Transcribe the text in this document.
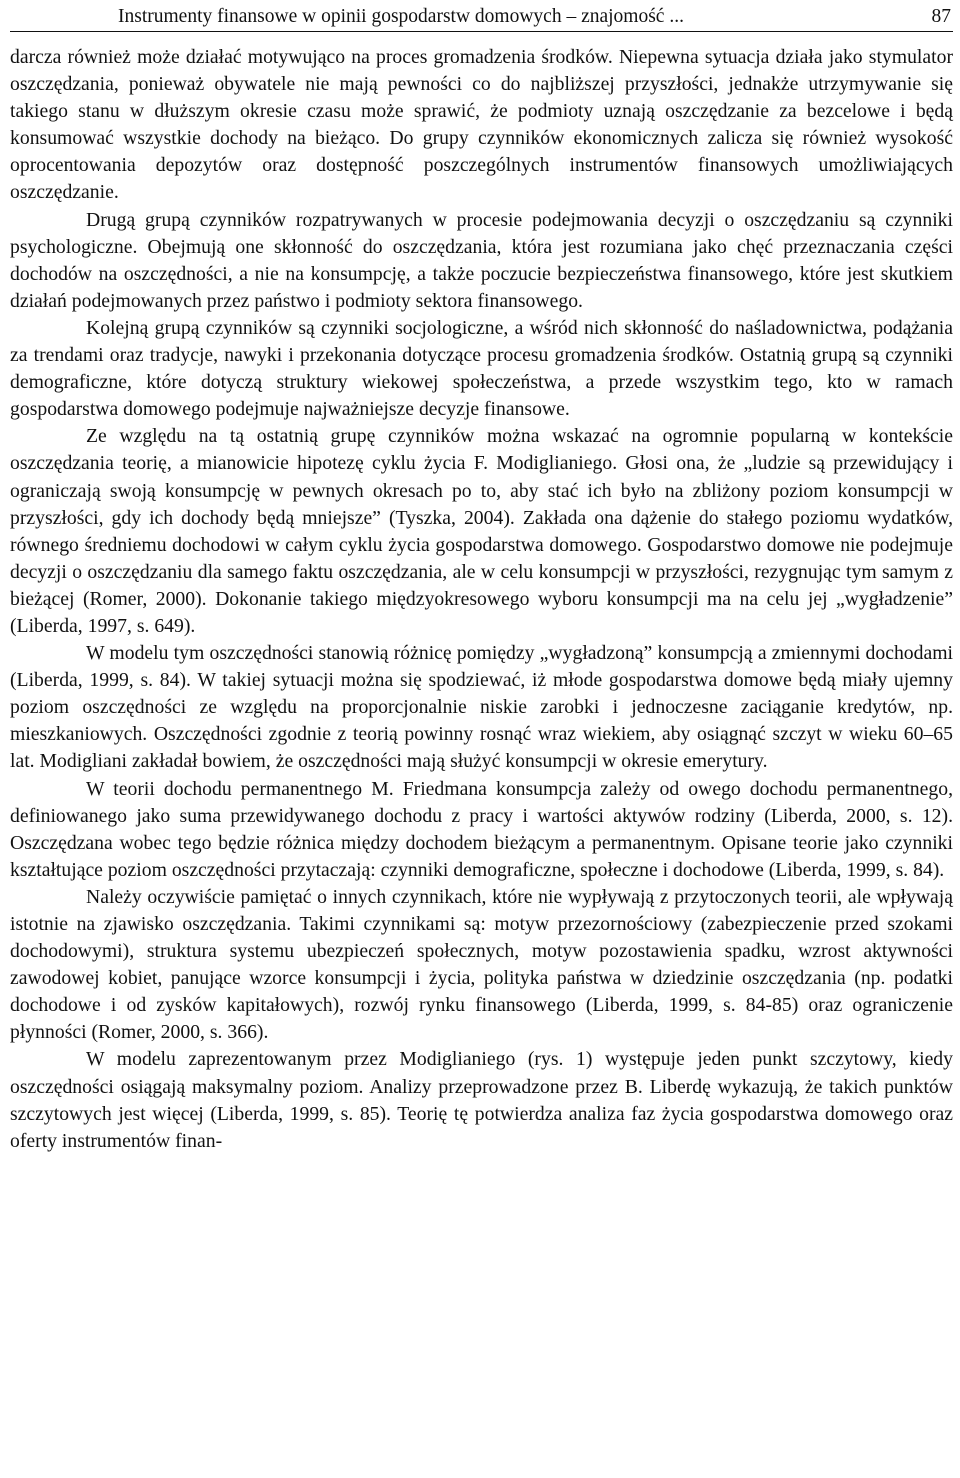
Instrumenty finansowe w opinii gospodarstw domowych – znajomość ...	87

darcza również może działać motywująco na proces gromadzenia środków. Niepewna sytuacja działa jako stymulator oszczędzania, ponieważ obywatele nie mają pewności co do najbliższej przyszłości, jednakże utrzymywanie się takiego stanu w dłuższym okresie czasu może sprawić, że podmioty uznają oszczędzanie za bezcelowe i będą konsumować wszystkie dochody na bieżąco. Do grupy czynników ekonomicznych zalicza się również wysokość oprocentowania depozytów oraz dostępność poszczególnych instrumentów finansowych umożliwiających oszczędzanie.

Drugą grupą czynników rozpatrywanych w procesie podejmowania decyzji o oszczędzaniu są czynniki psychologiczne. Obejmują one skłonność do oszczędzania, która jest rozumiana jako chęć przeznaczania części dochodów na oszczędności, a nie na konsumpcję, a także poczucie bezpieczeństwa finansowego, które jest skutkiem działań podejmowanych przez państwo i podmioty sektora finansowego.

Kolejną grupą czynników są czynniki socjologiczne, a wśród nich skłonność do naśladownictwa, podążania za trendami oraz tradycje, nawyki i przekonania dotyczące procesu gromadzenia środków. Ostatnią grupą są czynniki demograficzne, które dotyczą struktury wiekowej społeczeństwa, a przede wszystkim tego, kto w ramach gospodarstwa domowego podejmuje najważniejsze decyzje finansowe.

Ze względu na tą ostatnią grupę czynników można wskazać na ogromnie popularną w kontekście oszczędzania teorię, a mianowicie hipotezę cyklu życia F. Modiglianiego. Głosi ona, że „ludzie są przewidujący i ograniczają swoją konsumpcję w pewnych okresach po to, aby stać ich było na zbliżony poziom konsumpcji w przyszłości, gdy ich dochody będą mniejsze” (Tyszka, 2004). Zakłada ona dążenie do stałego poziomu wydatków, równego średniemu dochodowi w całym cyklu życia gospodarstwa domowego. Gospodarstwo domowe nie podejmuje decyzji o oszczędzaniu dla samego faktu oszczędzania, ale w celu konsumpcji w przyszłości, rezygnując tym samym z bieżącej (Romer, 2000). Dokonanie takiego międzyokresowego wyboru konsumpcji ma na celu jej „wygładzenie” (Liberda, 1997, s. 649).

W modelu tym oszczędności stanowią różnicę pomiędzy „wygładzoną” konsumpcją a zmiennymi dochodami (Liberda, 1999, s. 84). W takiej sytuacji można się spodziewać, iż młode gospodarstwa domowe będą miały ujemny poziom oszczędności ze względu na proporcjonalnie niskie zarobki i jednoczesne zaciąganie kredytów, np. mieszkaniowych. Oszczędności zgodnie z teorią powinny rosnąć wraz wiekiem, aby osiągnąć szczyt w wieku 60–65 lat. Modigliani zakładał bowiem, że oszczędności mają służyć konsumpcji w okresie emerytury.

W teorii dochodu permanentnego M. Friedmana konsumpcja zależy od owego dochodu permanentnego, definiowanego jako suma przewidywanego dochodu z pracy i wartości aktywów rodziny (Liberda, 2000, s. 12). Oszczędzana wobec tego będzie różnica między dochodem bieżącym a permanentnym. Opisane teorie jako czynniki kształtujące poziom oszczędności przytaczają: czynniki demograficzne, społeczne i dochodowe (Liberda, 1999, s. 84).

Należy oczywiście pamiętać o innych czynnikach, które nie wypływają z przytoczonych teorii, ale wpływają istotnie na zjawisko oszczędzania. Takimi czynnikami są: motyw przezornościowy (zabezpieczenie przed szokami dochodowymi), struktura systemu ubezpieczeń społecznych, motyw pozostawienia spadku, wzrost aktywności zawodowej kobiet, panujące wzorce konsumpcji i życia, polityka państwa w dziedzinie oszczędzania (np. podatki dochodowe i od zysków kapitałowych), rozwój rynku finansowego (Liberda, 1999, s. 84-85) oraz ograniczenie płynności (Romer, 2000, s. 366).

W modelu zaprezentowanym przez Modiglianiego (rys. 1) występuje jeden punkt szczytowy, kiedy oszczędności osiągają maksymalny poziom. Analizy przeprowadzone przez B. Liberdę wykazują, że takich punktów szczytowych jest więcej (Liberda, 1999, s. 85). Teorię tę potwierdza analiza faz życia gospodarstwa domowego oraz oferty instrumentów finan-
